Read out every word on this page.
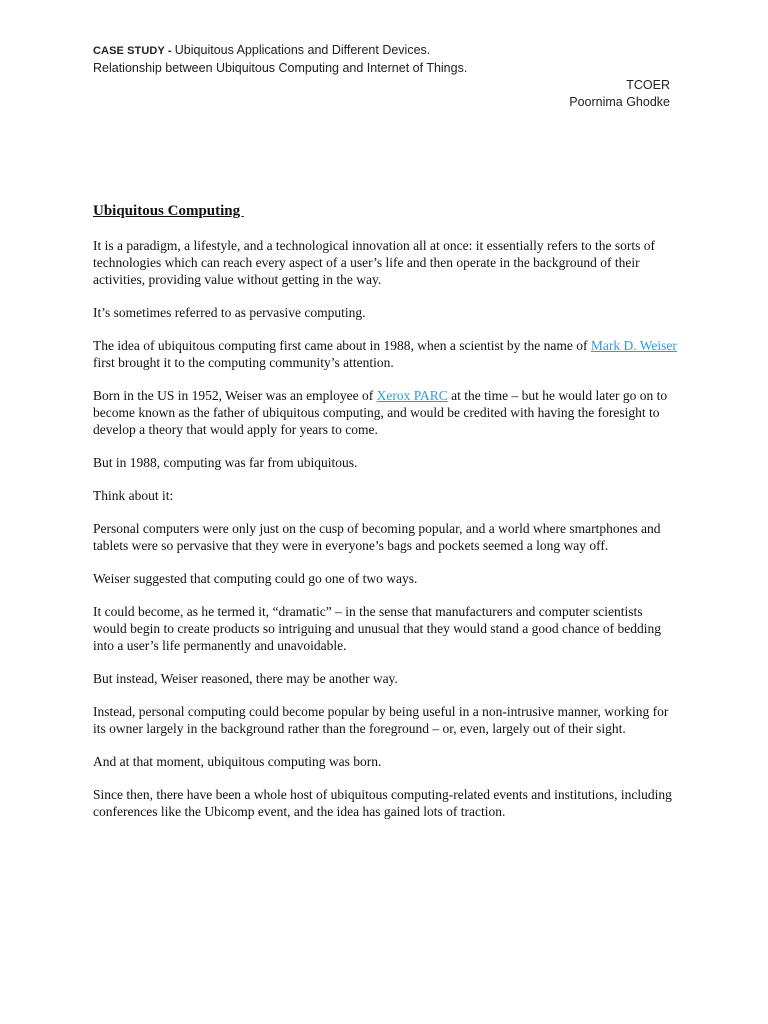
CASE STUDY - Ubiquitous Applications and Different Devices.
Relationship between Ubiquitous Computing and Internet of Things.
TCOER
Poornima Ghodke
Ubiquitous Computing

It is a paradigm, a lifestyle, and a technological innovation all at once: it essentially refers to the sorts of technologies which can reach every aspect of a user’s life and then operate in the background of their activities, providing value without getting in the way.

It’s sometimes referred to as pervasive computing.

The idea of ubiquitous computing first came about in 1988, when a scientist by the name of Mark D. Weiser first brought it to the computing community’s attention.

Born in the US in 1952, Weiser was an employee of Xerox PARC at the time – but he would later go on to become known as the father of ubiquitous computing, and would be credited with having the foresight to develop a theory that would apply for years to come.

But in 1988, computing was far from ubiquitous.

Think about it:

Personal computers were only just on the cusp of becoming popular, and a world where smartphones and tablets were so pervasive that they were in everyone’s bags and pockets seemed a long way off.

Weiser suggested that computing could go one of two ways.

It could become, as he termed it, “dramatic” – in the sense that manufacturers and computer scientists would begin to create products so intriguing and unusual that they would stand a good chance of bedding into a user’s life permanently and unavoidable.

But instead, Weiser reasoned, there may be another way.

Instead, personal computing could become popular by being useful in a non-intrusive manner, working for its owner largely in the background rather than the foreground – or, even, largely out of their sight.

And at that moment, ubiquitous computing was born.

Since then, there have been a whole host of ubiquitous computing-related events and institutions, including conferences like the Ubicomp event, and the idea has gained lots of traction.
